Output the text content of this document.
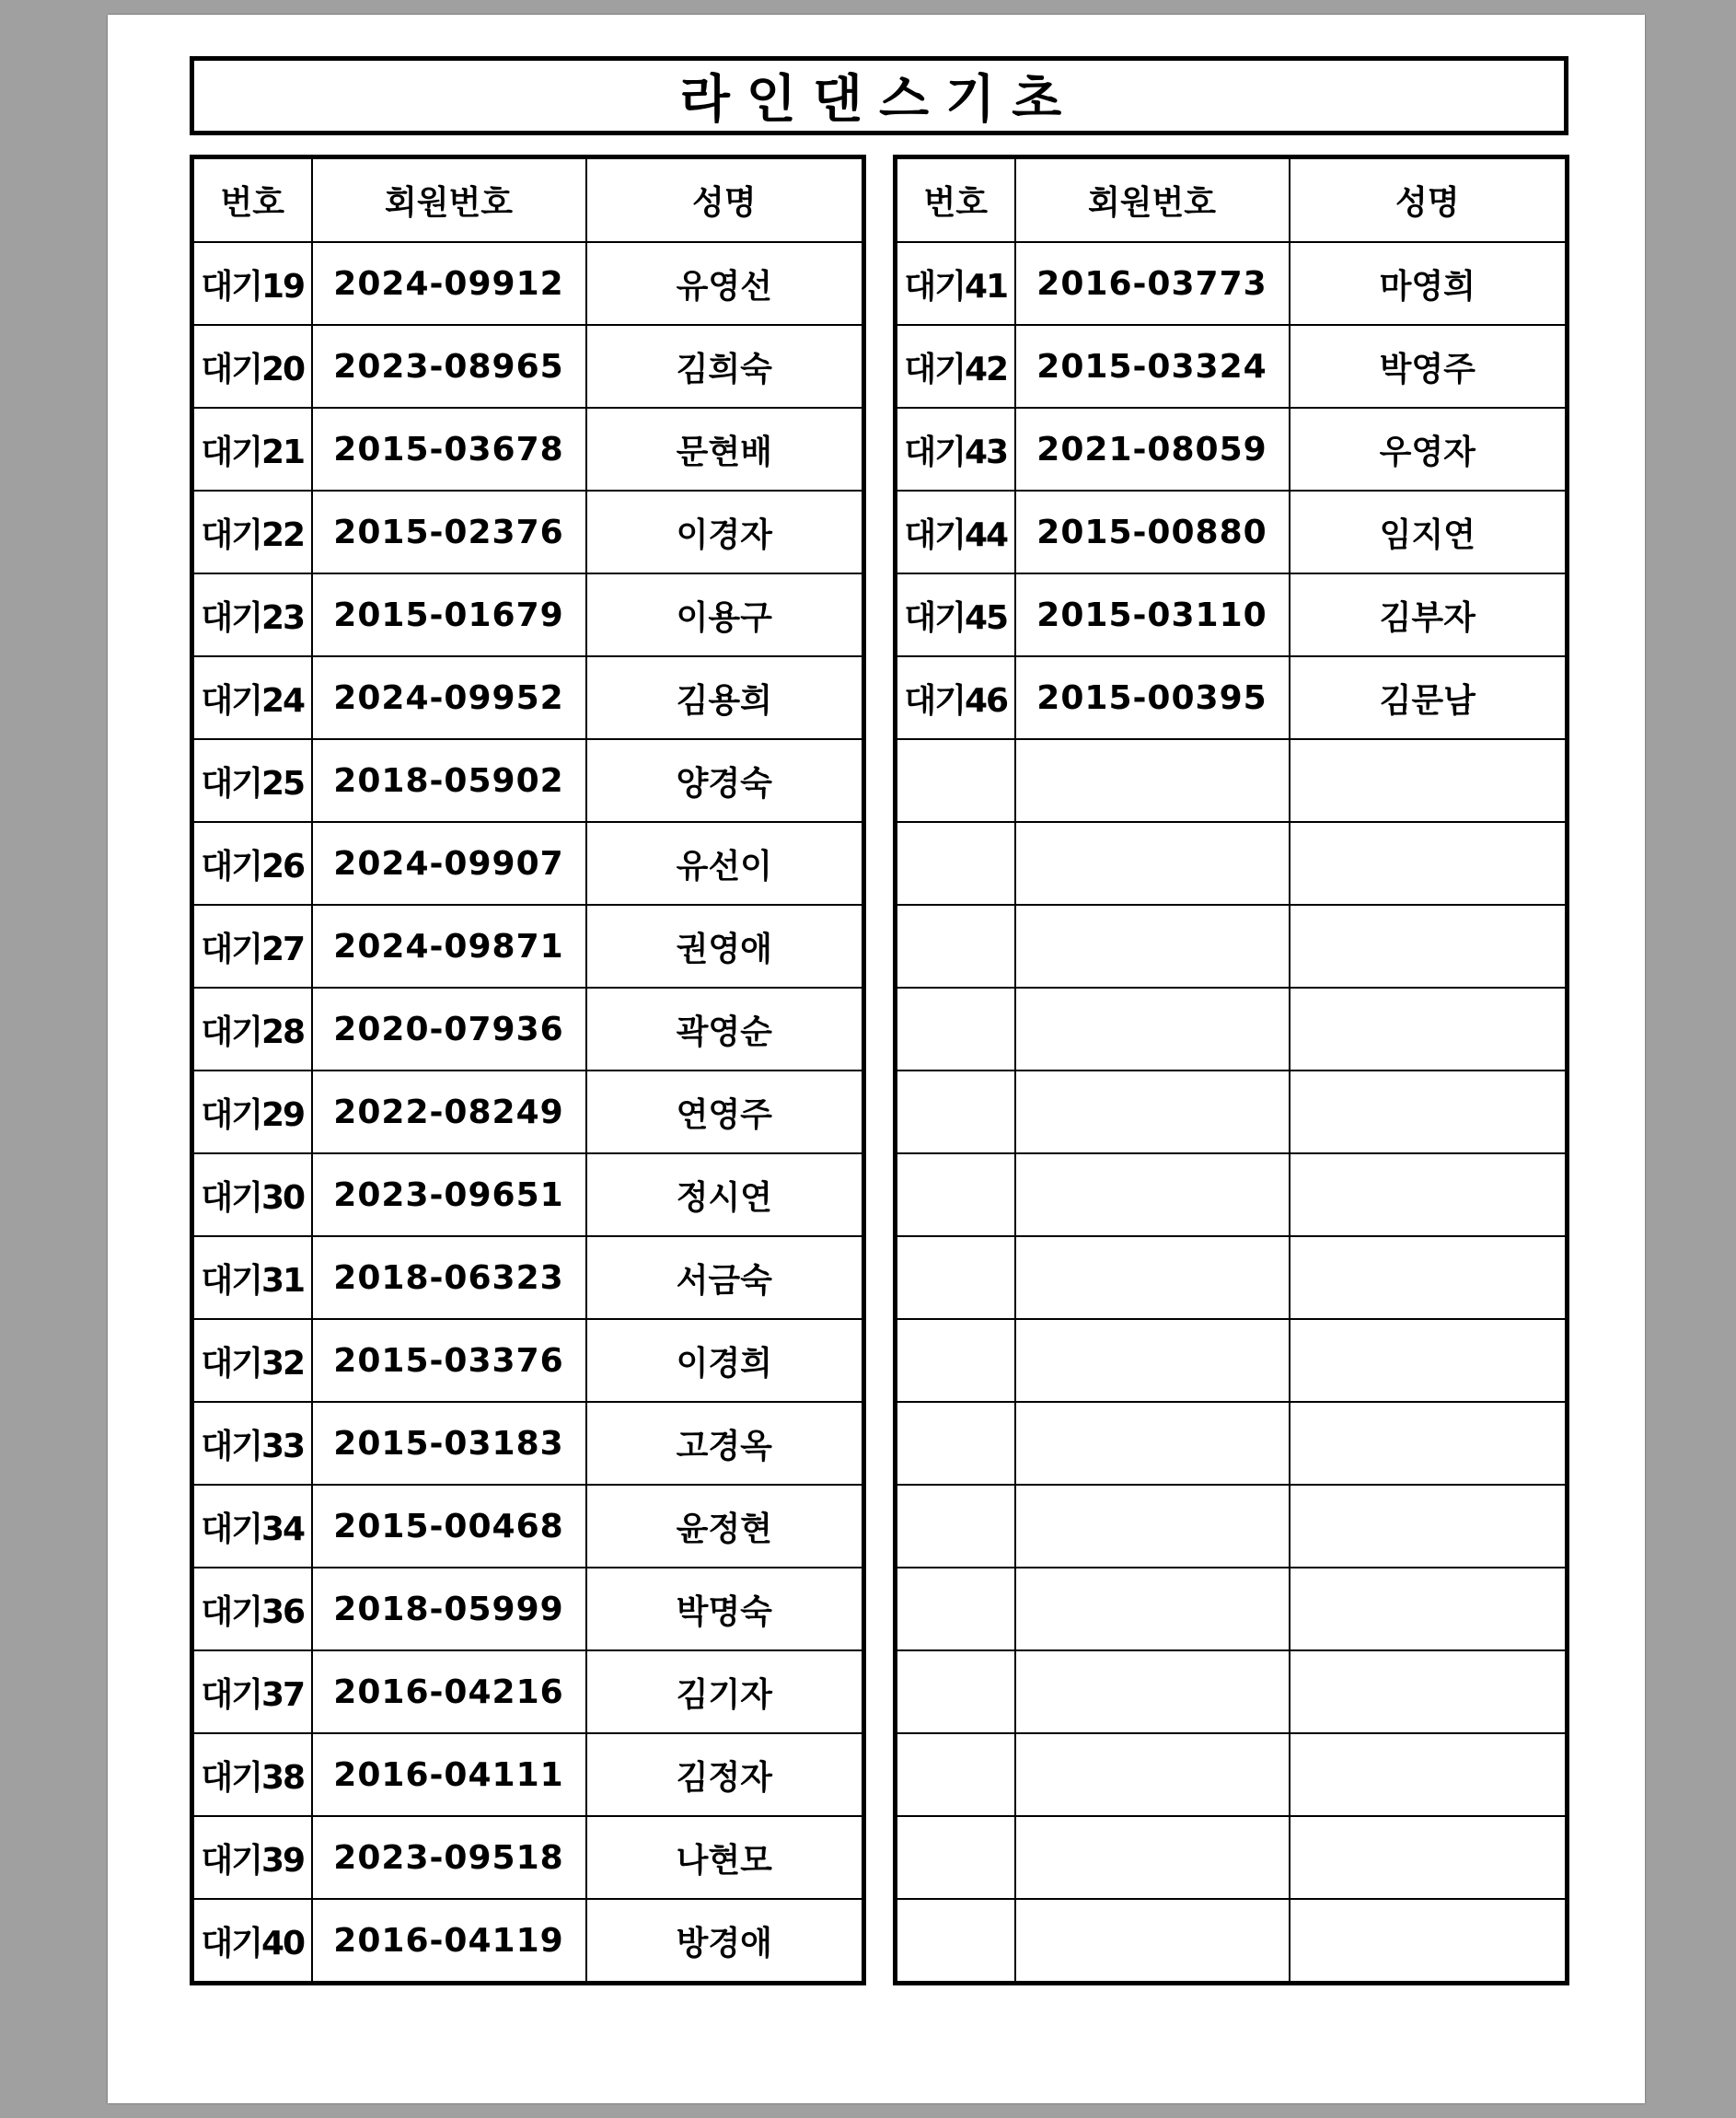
라인댄스기초
번호	회원번호	성명
대기19	2024-09912	유영선
대기20	2023-08965	김희숙
대기21	2015-03678	문현배
대기22	2015-02376	이경자
대기23	2015-01679	이용구
대기24	2024-09952	김용희
대기25	2018-05902	양경숙
대기26	2024-09907	유선이
대기27	2024-09871	권영애
대기28	2020-07936	곽영순
대기29	2022-08249	연영주
대기30	2023-09651	정시연
대기31	2018-06323	서금숙
대기32	2015-03376	이경희
대기33	2015-03183	고경옥
대기34	2015-00468	윤정현
대기36	2018-05999	박명숙
대기37	2016-04216	김기자
대기38	2016-04111	김정자
대기39	2023-09518	나현모
대기40	2016-04119	방경애
번호	회원번호	성명
대기41	2016-03773	마영희
대기42	2015-03324	박영주
대기43	2021-08059	우영자
대기44	2015-00880	임지연
대기45	2015-03110	김부자
대기46	2015-00395	김문남
